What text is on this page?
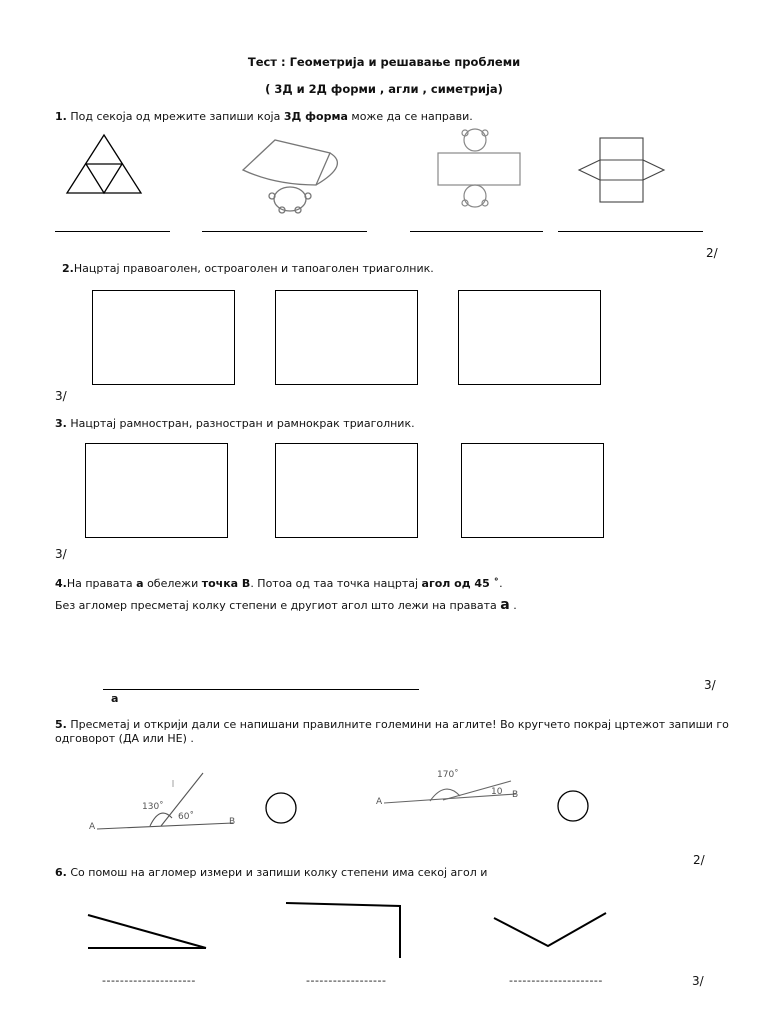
Тест : Геометрија и решавање проблеми
( 3Д и 2Д форми , агли , симетрија)
1. Под секоја од мрежите запиши која 3Д форма може да се направи.
2/
2.Нацртај правоаголен, остроаголен и тапоаголен триаголник.
3/
3. Нацртај рамностран, разностран и рамнокрак триаголник.
3/
4.На правата а обележи точка В. Потоа од таа точка нацртај агол од 45 ˚.
Без агломер пресметај колку степени е другиот агол што лежи на правата а .
а
3/
5. Пресметај и открији дали се напишани правилните големини на аглите! Во кругчето покрај цртежот запиши го
одговорот (ДА или НЕ) .
130˚
60˚
A	B
170˚
10
A
B
2/
6. Со помош на агломер измери и запиши колку степени има секој агол и
---------------------	------------------	---------------------	3/
